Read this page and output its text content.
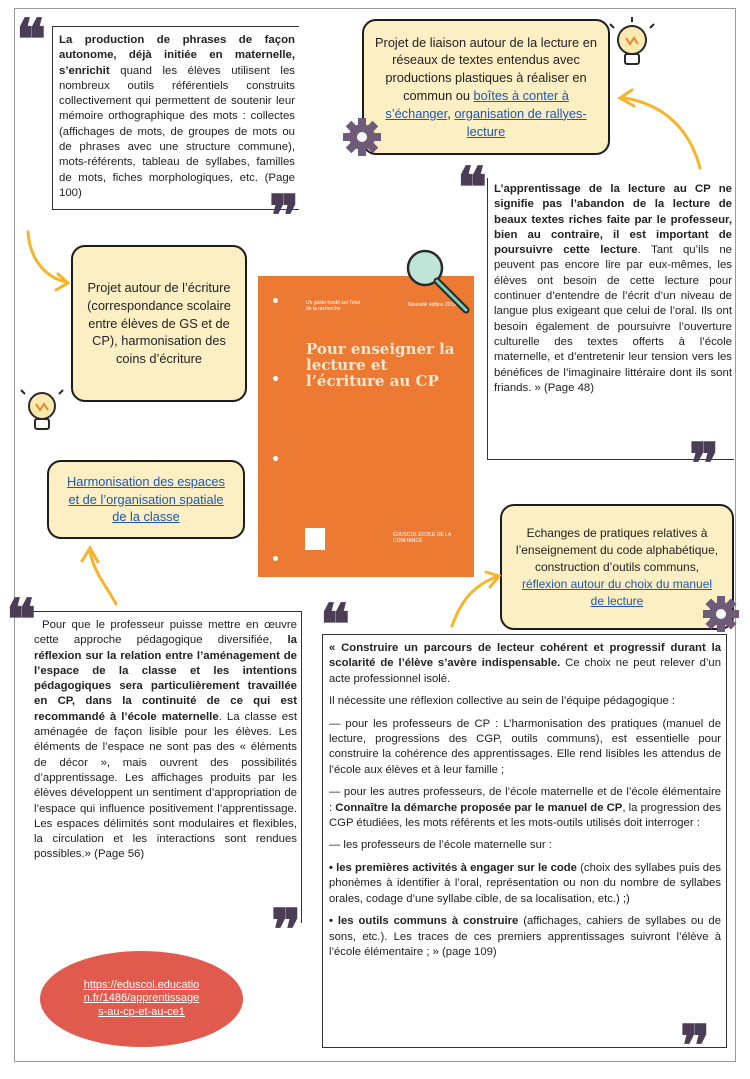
La production de phrases de façon autonome, déjà initiée en maternelle, s’enrichit quand les élèves utilisent les nombreux outils référentiels construits collectivement qui permettent de soutenir leur mémoire orthographique des mots : collectes (affichages de mots, de groupes de mots ou de phrases avec une structure commune), mots-référents, tableau de syllabes, familles de mots, fiches morphologiques, etc. (Page 100)	L’apprentissage de la lecture au CP ne signifie pas l’abandon de la lecture de beaux textes riches faite par le professeur, bien au contraire, il est important de poursuivre cette lecture. Tant qu’ils ne peuvent pas encore lire par eux-mêmes, les élèves ont besoin de cette lecture pour continuer d’entendre de l’écrit d’un niveau de langue plus exigeant que celui de l’oral. Ils ont besoin également de poursuivre l’ouverture culturelle des textes offerts à l’école maternelle, et d’entretenir leur tension vers les bénéfices de l’imaginaire littéraire dont ils sont friands. » (Page 48)

Pour que le professeur puisse mettre en œuvre cette approche pédagogique diversifiée, la réflexion sur la relation entre l’aménagement de l’espace de la classe et les intentions pédagogiques sera particulièrement travaillée en CP, dans la continuité de ce qui est recommandé à l’école maternelle. La classe est aménagée de façon lisible pour les élèves. Les éléments de l’espace ne sont pas des « éléments de décor », mais ouvrent des possibilités d’apprentissage. Les affichages produits par les élèves développent un sentiment d’appropriation de l’espace qui influence positivement l’apprentissage. Les espaces délimités sont modulaires et flexibles, la circulation et les interactions sont rendues possibles.» (Page 56)

« Construire un parcours de lecteur cohérent et progressif durant la scolarité de l’élève s’avère indispensable. Ce choix ne peut relever d’un acte professionnel isolé.

Il nécessite une réflexion collective au sein de l’équipe pédagogique :

— pour les professeurs de CP : L’harmonisation des pratiques (manuel de lecture, progressions des CGP, outils communs), est essentielle pour construire la cohérence des apprentissages. Elle rend lisibles les attendus de l’école aux élèves et à leur famille ;

— pour les autres professeurs, de l’école maternelle et de l’école élémentaire : Connaître la démarche proposée par le manuel de CP, la progression des CGP étudiées, les mots référents et les mots-outils utilisés doit interroger :

— les professeurs de l’école maternelle sur :

• les premières activités à engager sur le code (choix des syllabes puis des phonèmes à identifier à l’oral, représentation ou non du nombre de syllabes orales, codage d’une syllabe cible, de sa localisation, etc.) ;)

• les outils communs à construire (affichages, cahiers de syllabes ou de sons, etc.). Les traces de ces premiers apprentissages suivront l’élève à l’école élémentaire ; » (page 109)

Projet de liaison autour de la lecture en réseaux de textes entendus avec productions plastiques à réaliser en commun ou boîtes à conter à s’échanger, organisation de rallyes-lecture
Projet autour de l’écriture (correspondance scolaire entre élèves de GS et de CP), harmonisation des coins d’écriture
Harmonisation des espaces et de l’organisation spatiale de la classe
Echanges de pratiques relatives à l’enseignement du code alphabétique, construction d’outils communs, réflexion autour du choix du manuel de lecture
Un guide fondé sur l’état de la recherche
Nouvelle édition 2019
Pour enseigner la lecture et l’écriture au CP
ÉDUSCOL ÉCOLE DE LA CONFIANCE
https://eduscol.education.fr/1486/apprentissages-au-cp-et-au-ce1
❝
❞	❝
❞
❝
❞
❝
❞
